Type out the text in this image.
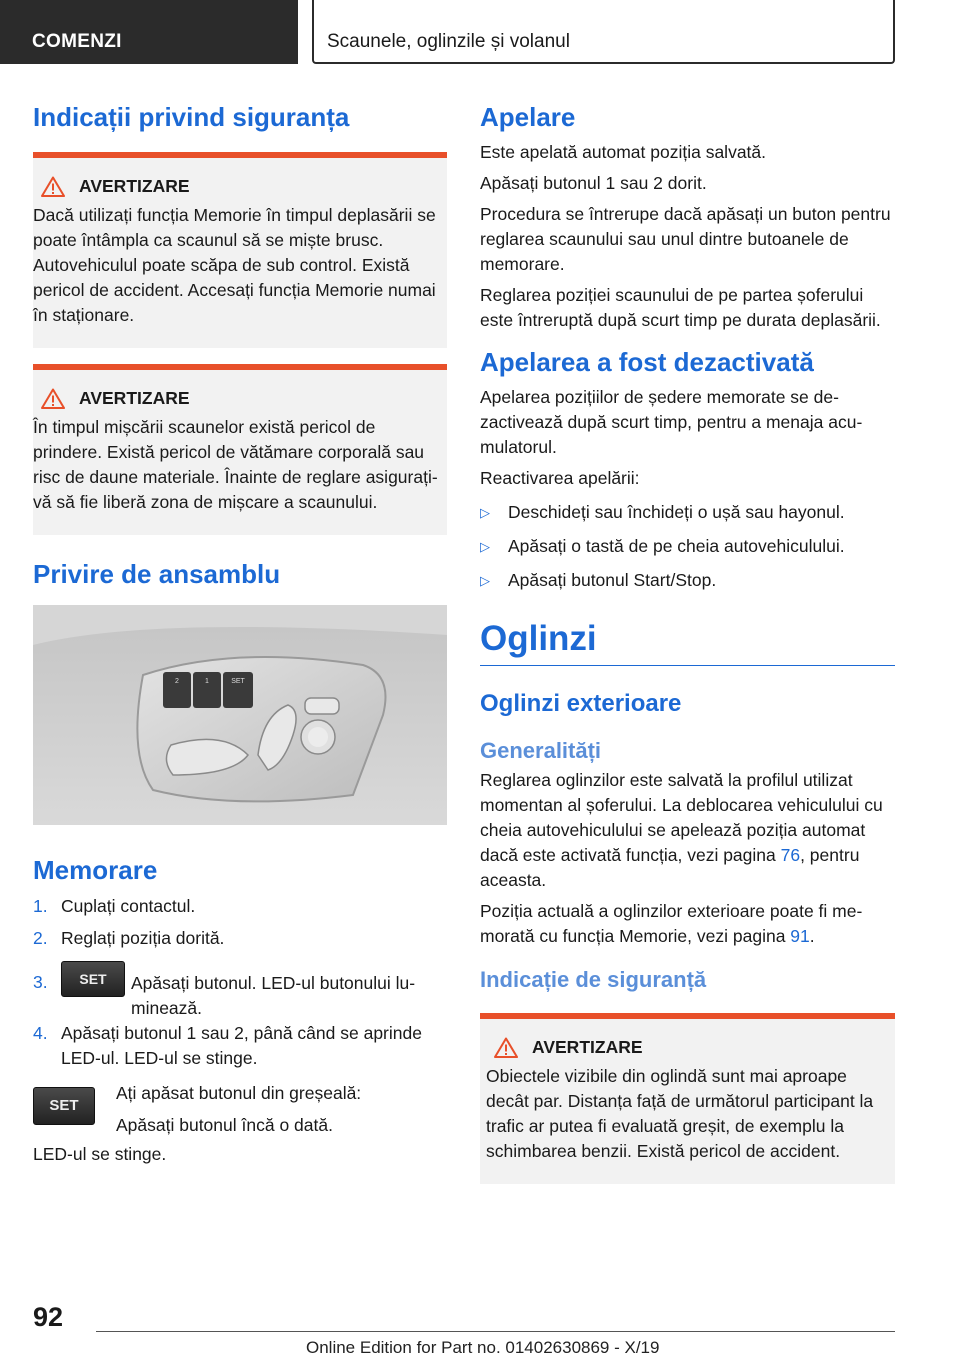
COMENZI	Scaunele, oglinzile și volanul
Indicații privind siguranța
AVERTIZARE
Dacă utilizați funcția Memorie în timpul deplasării se poate întâmpla ca scaunul să se miște brusc. Autovehiculul poate scăpa de sub control. Există pericol de accident. Accesați funcția Memorie numai în staționare.
AVERTIZARE
În timpul mișcării scaunelor există pericol de prindere. Există pericol de vătămare corporală sau risc de daune materiale. Înainte de reglare asigurați-vă să fie liberă zona de mișcare a scaunului.
Privire de ansamblu
2	1	SET
Memorare
1. Cuplați contactul.
2. Reglați poziția dorită.
3.	SET	Apăsați butonul. LED-ul butonului luminează.
4. Apăsați butonul 1 sau 2, până când se aprinde LED-ul. LED-ul se stinge.
SET
Ați apăsat butonul din greșeală:
Apăsați butonul încă o dată.
LED-ul se stinge.
Apelare
Este apelată automat poziția salvată.
Apăsați butonul 1 sau 2 dorit.
Procedura se întrerupe dacă apăsați un buton pentru reglarea scaunului sau unul dintre butoanele de memorare.
Reglarea poziției scaunului de pe partea șoferului este întreruptă după scurt timp pe durata deplasării.
Apelarea a fost dezactivată
Apelarea pozițiilor de ședere memorate se dezactivează după scurt timp, pentru a menaja acumulatorul.
Reactivarea apelării:
▷	Deschideți sau închideți o ușă sau hayonul.
▷	Apăsați o tastă de pe cheia autovehiculului.
▷	Apăsați butonul Start/Stop.
Oglinzi
Oglinzi exterioare
Generalități
Reglarea oglinzilor este salvată la profilul utilizat momentan al șoferului. La deblocarea vehiculului cu cheia autovehiculului se apelează poziția automat dacă este activată funcția, vezi pagina 76, pentru aceasta.
Poziția actuală a oglinzilor exterioare poate fi memorată cu funcția Memorie, vezi pagina 91.
Indicație de siguranță
AVERTIZARE
Obiectele vizibile din oglindă sunt mai aproape decât par. Distanța față de următorul participant la trafic ar putea fi evaluată greșit, de exemplu la schimbarea benzii. Există pericol de accident.
92
Online Edition for Part no. 01402630869 - X/19
